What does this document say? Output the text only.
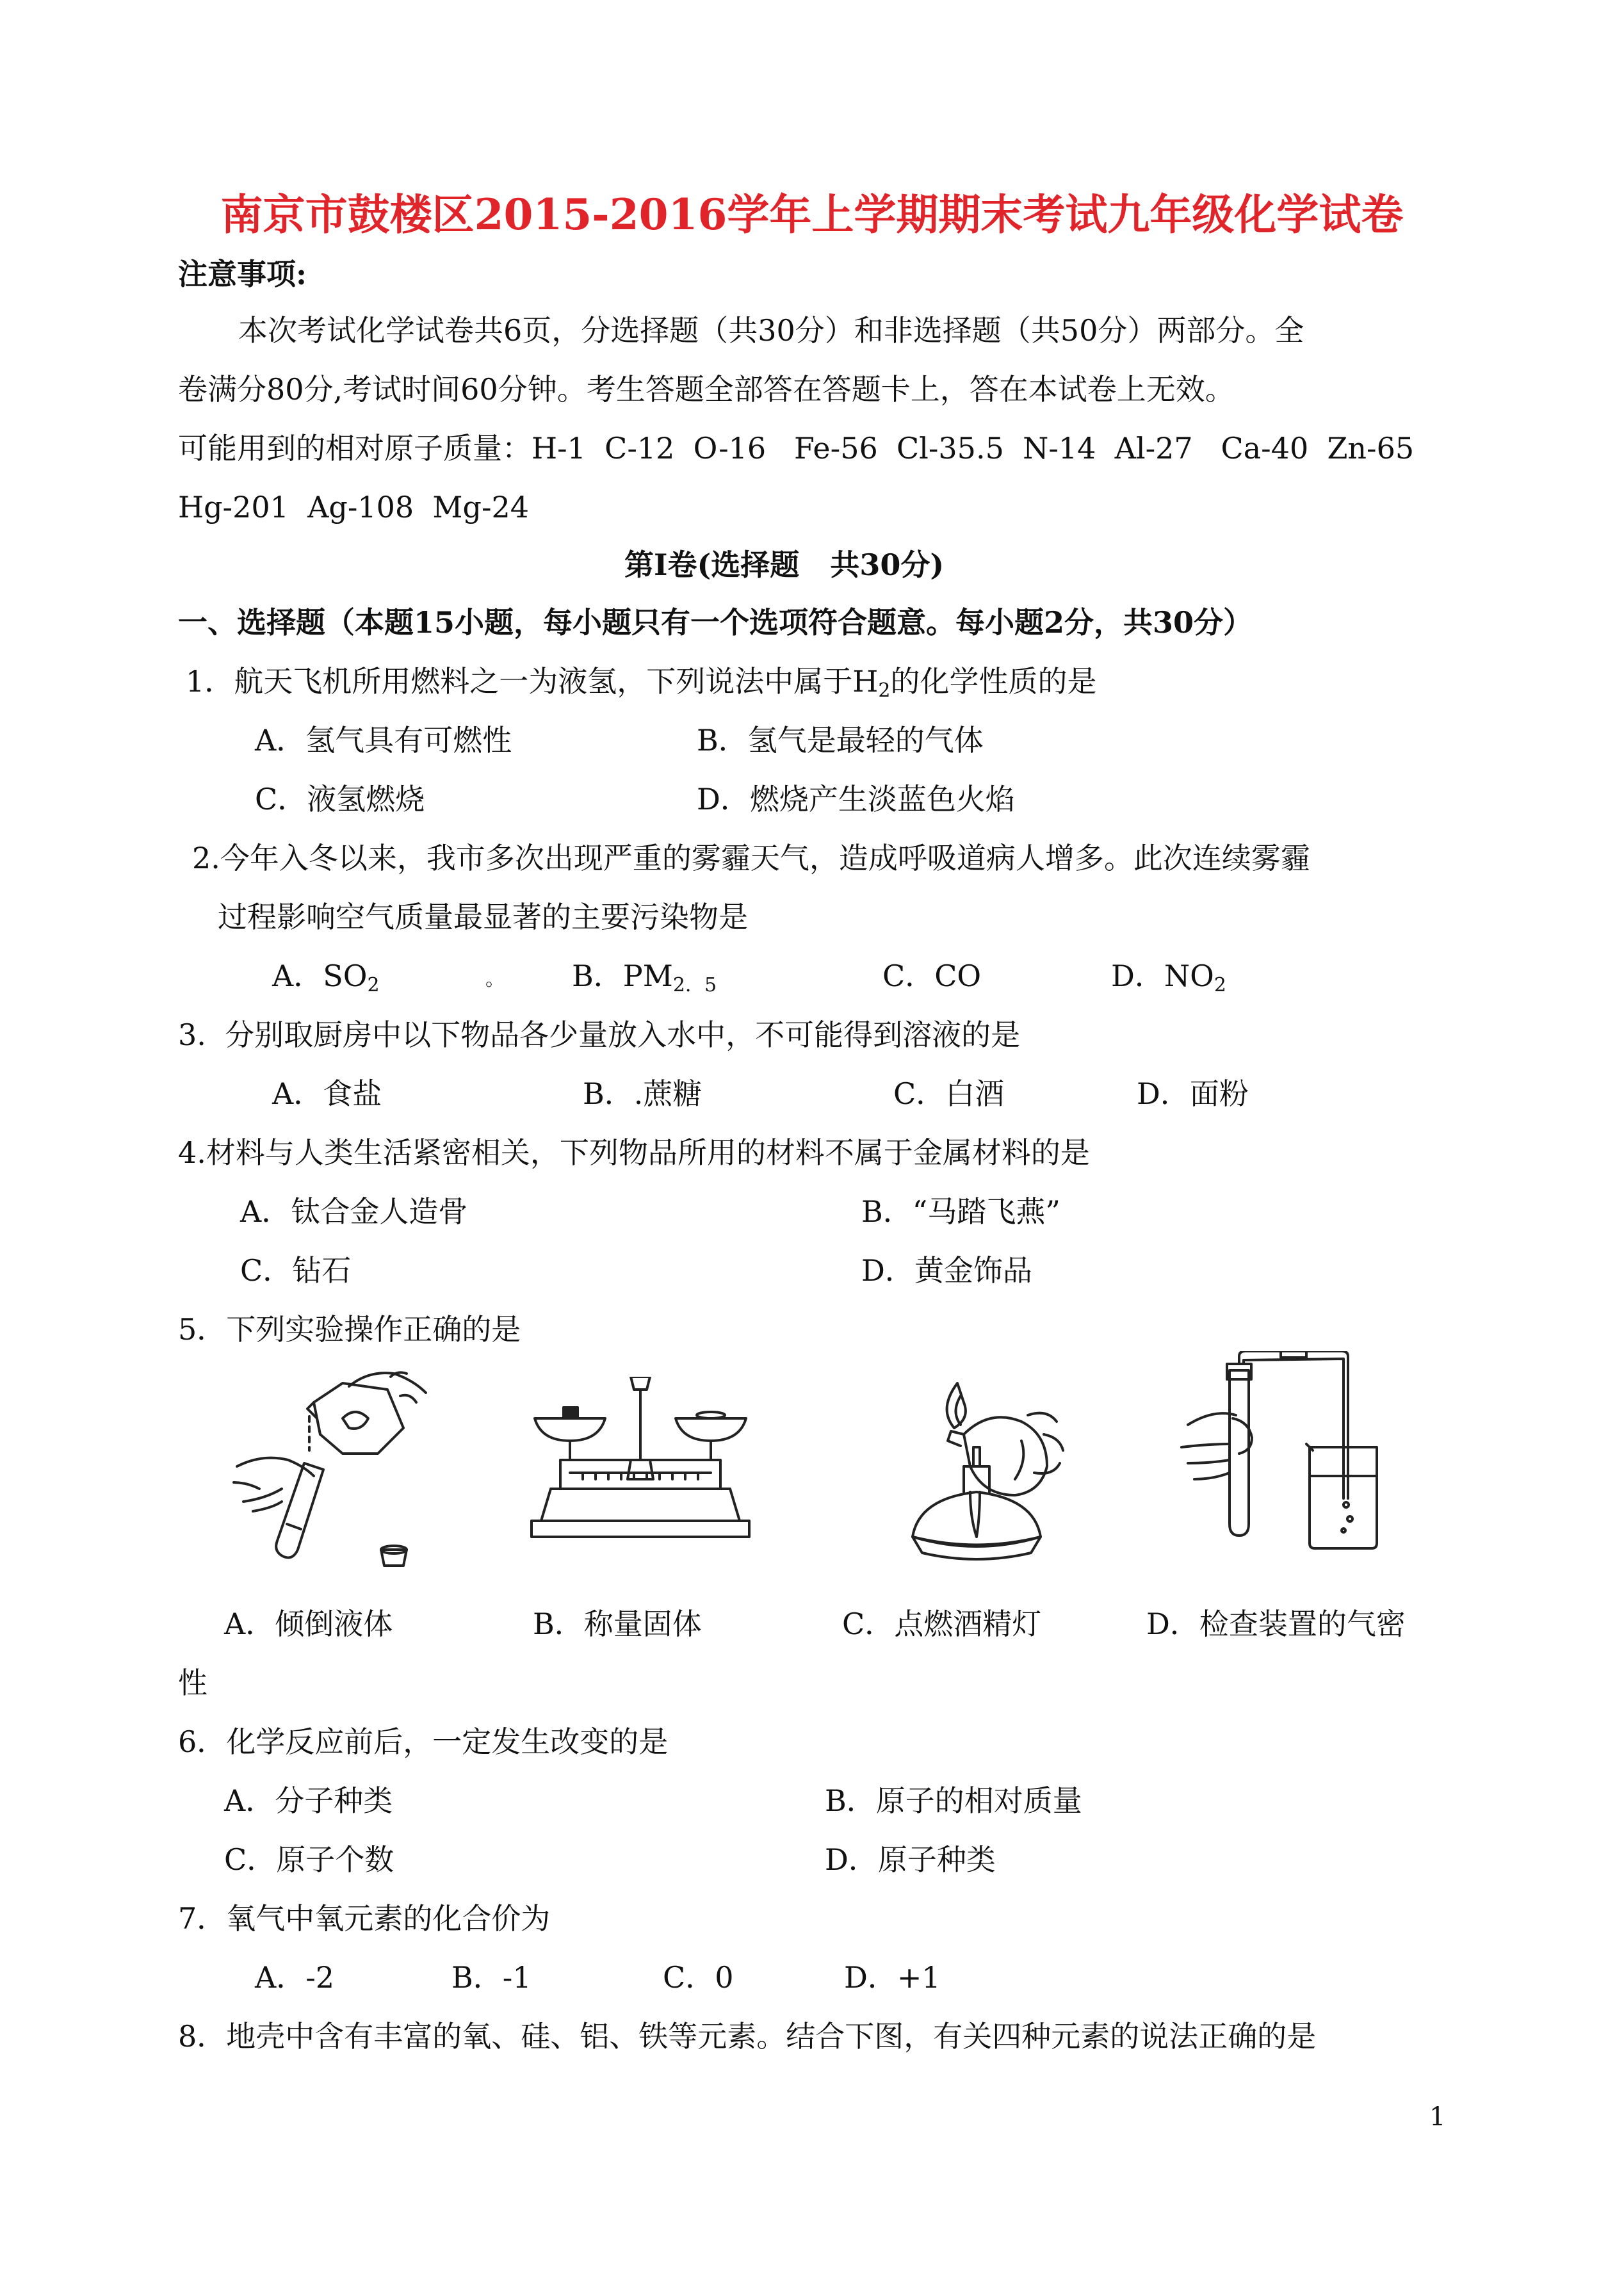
南京市鼓楼区2015-2016学年上学期期末考试九年级化学试卷
注意事项:
本次考试化学试卷共6页，分选择题（共30分）和非选择题（共50分）两部分。全
卷满分80分,考试时间60分钟。考生答题全部答在答题卡上，答在本试卷上无效。
可能用到的相对原子质量：H-1  C-12  O-16   Fe-56  Cl-35.5  N-14  Al-27   Ca-40  Zn-65
Hg-201  Ag-108  Mg-24
第Ⅰ卷(选择题   共30分)
一、选择题（本题15小题，每小题只有一个选项符合题意。每小题2分，共30分）
1．航天飞机所用燃料之一为液氢，下列说法中属于$H_2$的化学性质的是
A．氢气具有可燃性	B．氢气是最轻的气体
C．液氢燃烧	D．燃烧产生淡蓝色火焰
2.今年入冬以来，我市多次出现严重的雾霾天气，造成呼吸道病人增多。此次连续雾霾
过程影响空气质量最显著的主要污染物是
A．$SO_2$	。 B．$PM_{2.5}$	C．CO	D．$NO_2$
3.  分别取厨房中以下物品各少量放入水中，不可能得到溶液的是
A．食盐	B．.蔗糖	C．白酒	D．面粉
4.材料与人类生活紧密相关，下列物品所用的材料不属于金属材料的是
A．钛合金人造骨	B．“马踏飞燕”
C．钻石	D．黄金饰品
5．下列实验操作正确的是
A．倾倒液体	B．称量固体	C．点燃酒精灯	D．检查装置的气密
性
6．化学反应前后，一定发生改变的是
A．分子种类	B．原子的相对质量
C．原子个数	D．原子种类
7．氧气中氧元素的化合价为
A．-2	B．-1	C．0	D．+1
8．地壳中含有丰富的氧、硅、铝、铁等元素。结合下图，有关四种元素的说法正确的是
1
